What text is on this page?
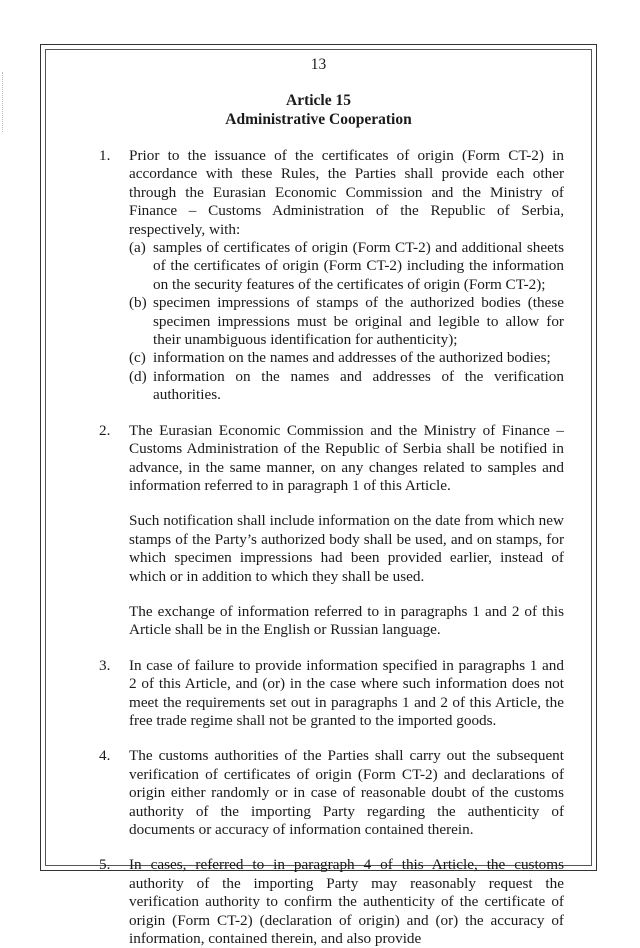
13

Article 15

Administrative Cooperation

1. Prior to the issuance of the certificates of origin (Form CT-2) in accordance with these Rules, the Parties shall provide each other through the Eurasian Economic Commission and the Ministry of Finance – Customs Administration of the Republic of Serbia, respectively, with:

(a) samples of certificates of origin (Form CT-2) and additional sheets of the certificates of origin (Form CT-2) including the information on the security features of the certificates of origin (Form CT-2);

(b) specimen impressions of stamps of the authorized bodies (these specimen impressions must be original and legible to allow for their unambiguous identification for authenticity);

(c) information on the names and addresses of the authorized bodies;

(d) information on the names and addresses of the verification authorities.

2. The Eurasian Economic Commission and the Ministry of Finance – Customs Administration of the Republic of Serbia shall be notified in advance, in the same manner, on any changes related to samples and information referred to in paragraph 1 of this Article.

Such notification shall include information on the date from which new stamps of the Party’s authorized body shall be used, and on stamps, for which specimen impressions had been provided earlier, instead of which or in addition to which they shall be used.

The exchange of information referred to in paragraphs 1 and 2 of this Article shall be in the English or Russian language.

3. In case of failure to provide information specified in paragraphs 1 and 2 of this Article, and (or) in the case where such information does not meet the requirements set out in paragraphs 1 and 2 of this Article, the free trade regime shall not be granted to the imported goods.

4. The customs authorities of the Parties shall carry out the subsequent verification of certificates of origin (Form CT-2) and declarations of origin either randomly or in case of reasonable doubt of the customs authority of the importing Party regarding the authenticity of documents or accuracy of information contained therein.

5. In cases, referred to in paragraph 4 of this Article, the customs authority of the importing Party may reasonably request the verification authority to confirm the authenticity of the certificate of origin (Form CT-2) (declaration of origin) and (or) the accuracy of information, contained therein, and also provide
